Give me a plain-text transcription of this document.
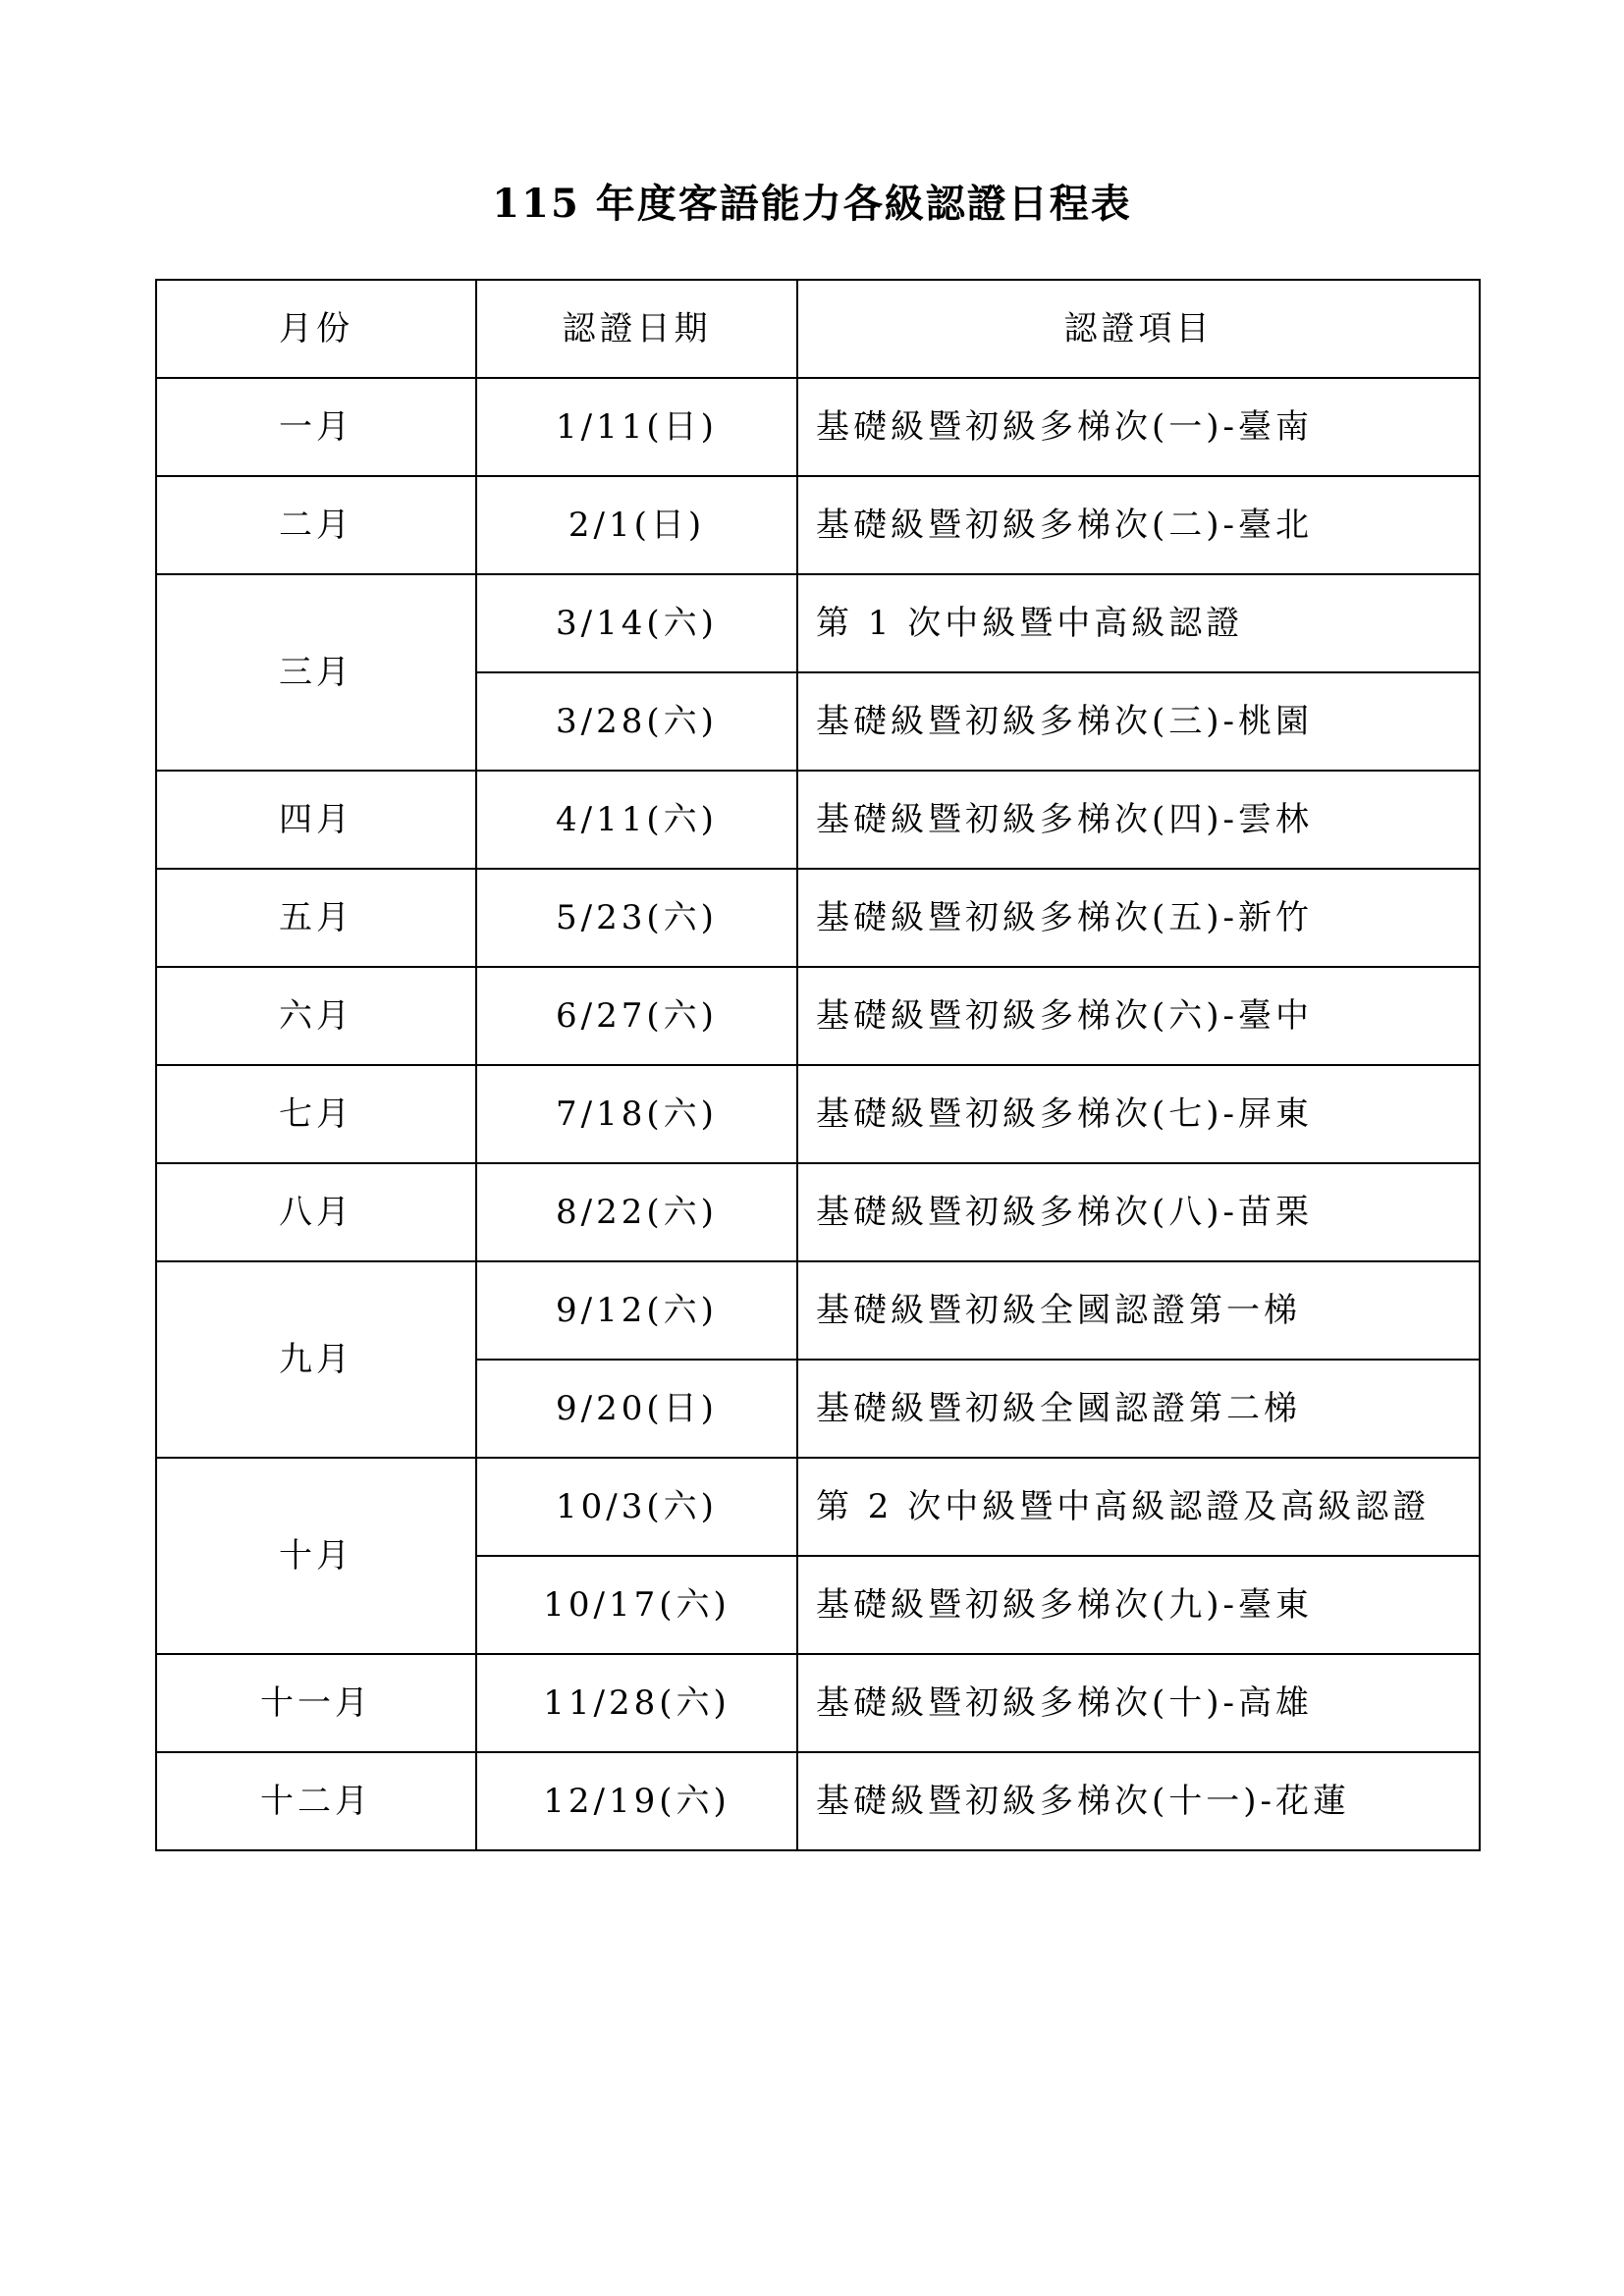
115 年度客語能力各級認證日程表
月份	認證日期	認證項目
一月	1/11(日)	基礎級暨初級多梯次(一)-臺南
二月	2/1(日)	基礎級暨初級多梯次(二)-臺北
三月	3/14(六)	第 1 次中級暨中高級認證
	3/28(六)	基礎級暨初級多梯次(三)-桃園
四月	4/11(六)	基礎級暨初級多梯次(四)-雲林
五月	5/23(六)	基礎級暨初級多梯次(五)-新竹
六月	6/27(六)	基礎級暨初級多梯次(六)-臺中
七月	7/18(六)	基礎級暨初級多梯次(七)-屏東
八月	8/22(六)	基礎級暨初級多梯次(八)-苗栗
九月	9/12(六)	基礎級暨初級全國認證第一梯
	9/20(日)	基礎級暨初級全國認證第二梯
十月	10/3(六)	第 2 次中級暨中高級認證及高級認證
	10/17(六)	基礎級暨初級多梯次(九)-臺東
十一月	11/28(六)	基礎級暨初級多梯次(十)-高雄
十二月	12/19(六)	基礎級暨初級多梯次(十一)-花蓮
